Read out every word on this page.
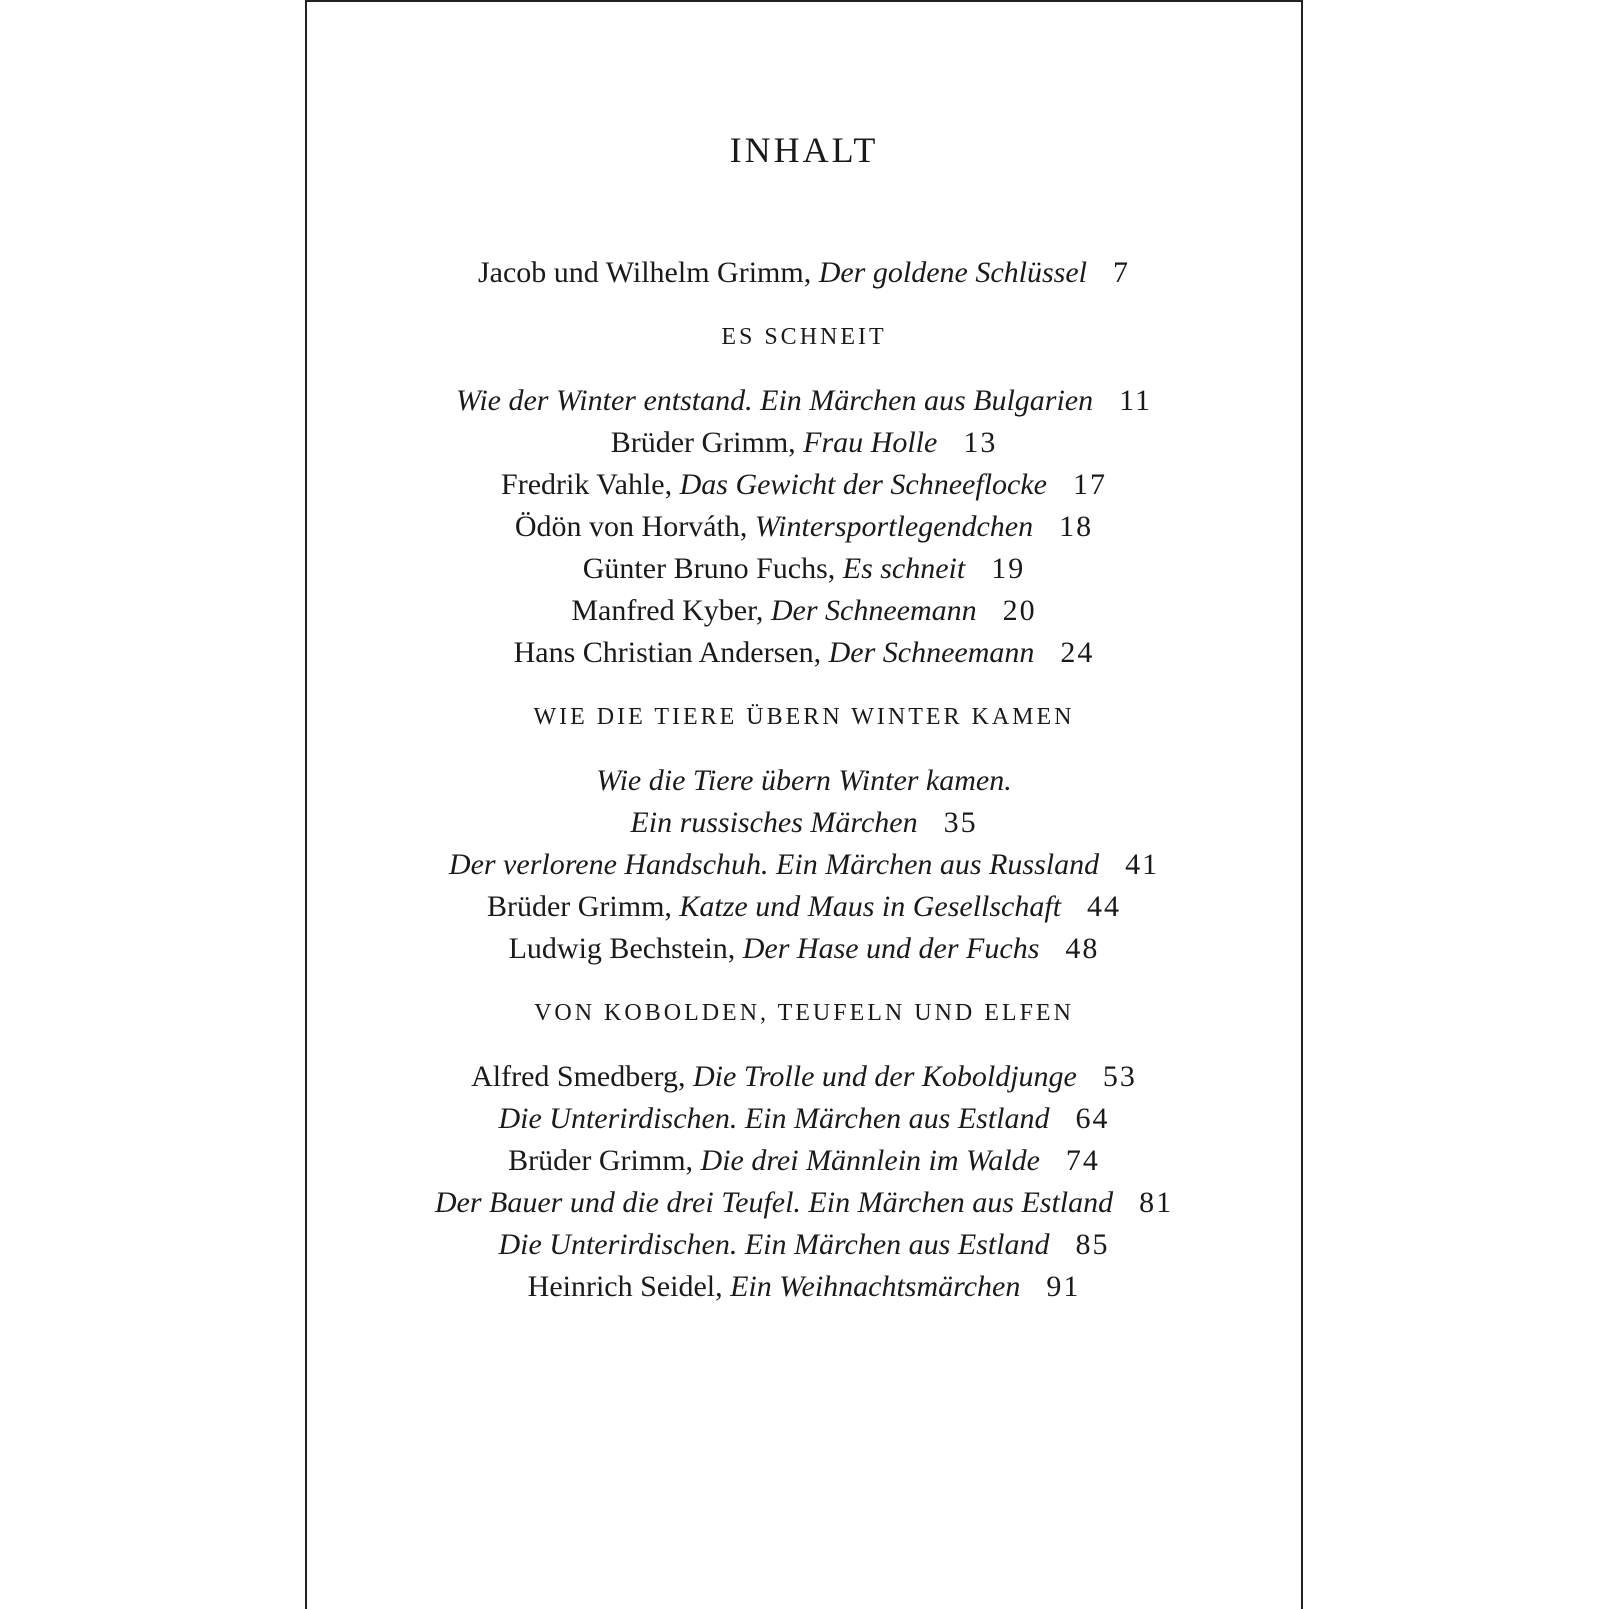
INHALT
Jacob und Wilhelm Grimm, Der goldene Schlüssel 7
ES SCHNEIT
Wie der Winter entstand. Ein Märchen aus Bulgarien 11
Brüder Grimm, Frau Holle 13
Fredrik Vahle, Das Gewicht der Schneeflocke 17
Ödön von Horváth, Wintersportlegendchen 18
Günter Bruno Fuchs, Es schneit 19
Manfred Kyber, Der Schneemann 20
Hans Christian Andersen, Der Schneemann 24
WIE DIE TIERE ÜBERN WINTER KAMEN
Wie die Tiere übern Winter kamen.
Ein russisches Märchen 35
Der verlorene Handschuh. Ein Märchen aus Russland 41
Brüder Grimm, Katze und Maus in Gesellschaft 44
Ludwig Bechstein, Der Hase und der Fuchs 48
VON KOBOLDEN, TEUFELN UND ELFEN
Alfred Smedberg, Die Trolle und der Koboldjunge 53
Die Unterirdischen. Ein Märchen aus Estland 64
Brüder Grimm, Die drei Männlein im Walde 74
Der Bauer und die drei Teufel. Ein Märchen aus Estland 81
Die Unterirdischen. Ein Märchen aus Estland 85
Heinrich Seidel, Ein Weihnachtsmärchen 91
